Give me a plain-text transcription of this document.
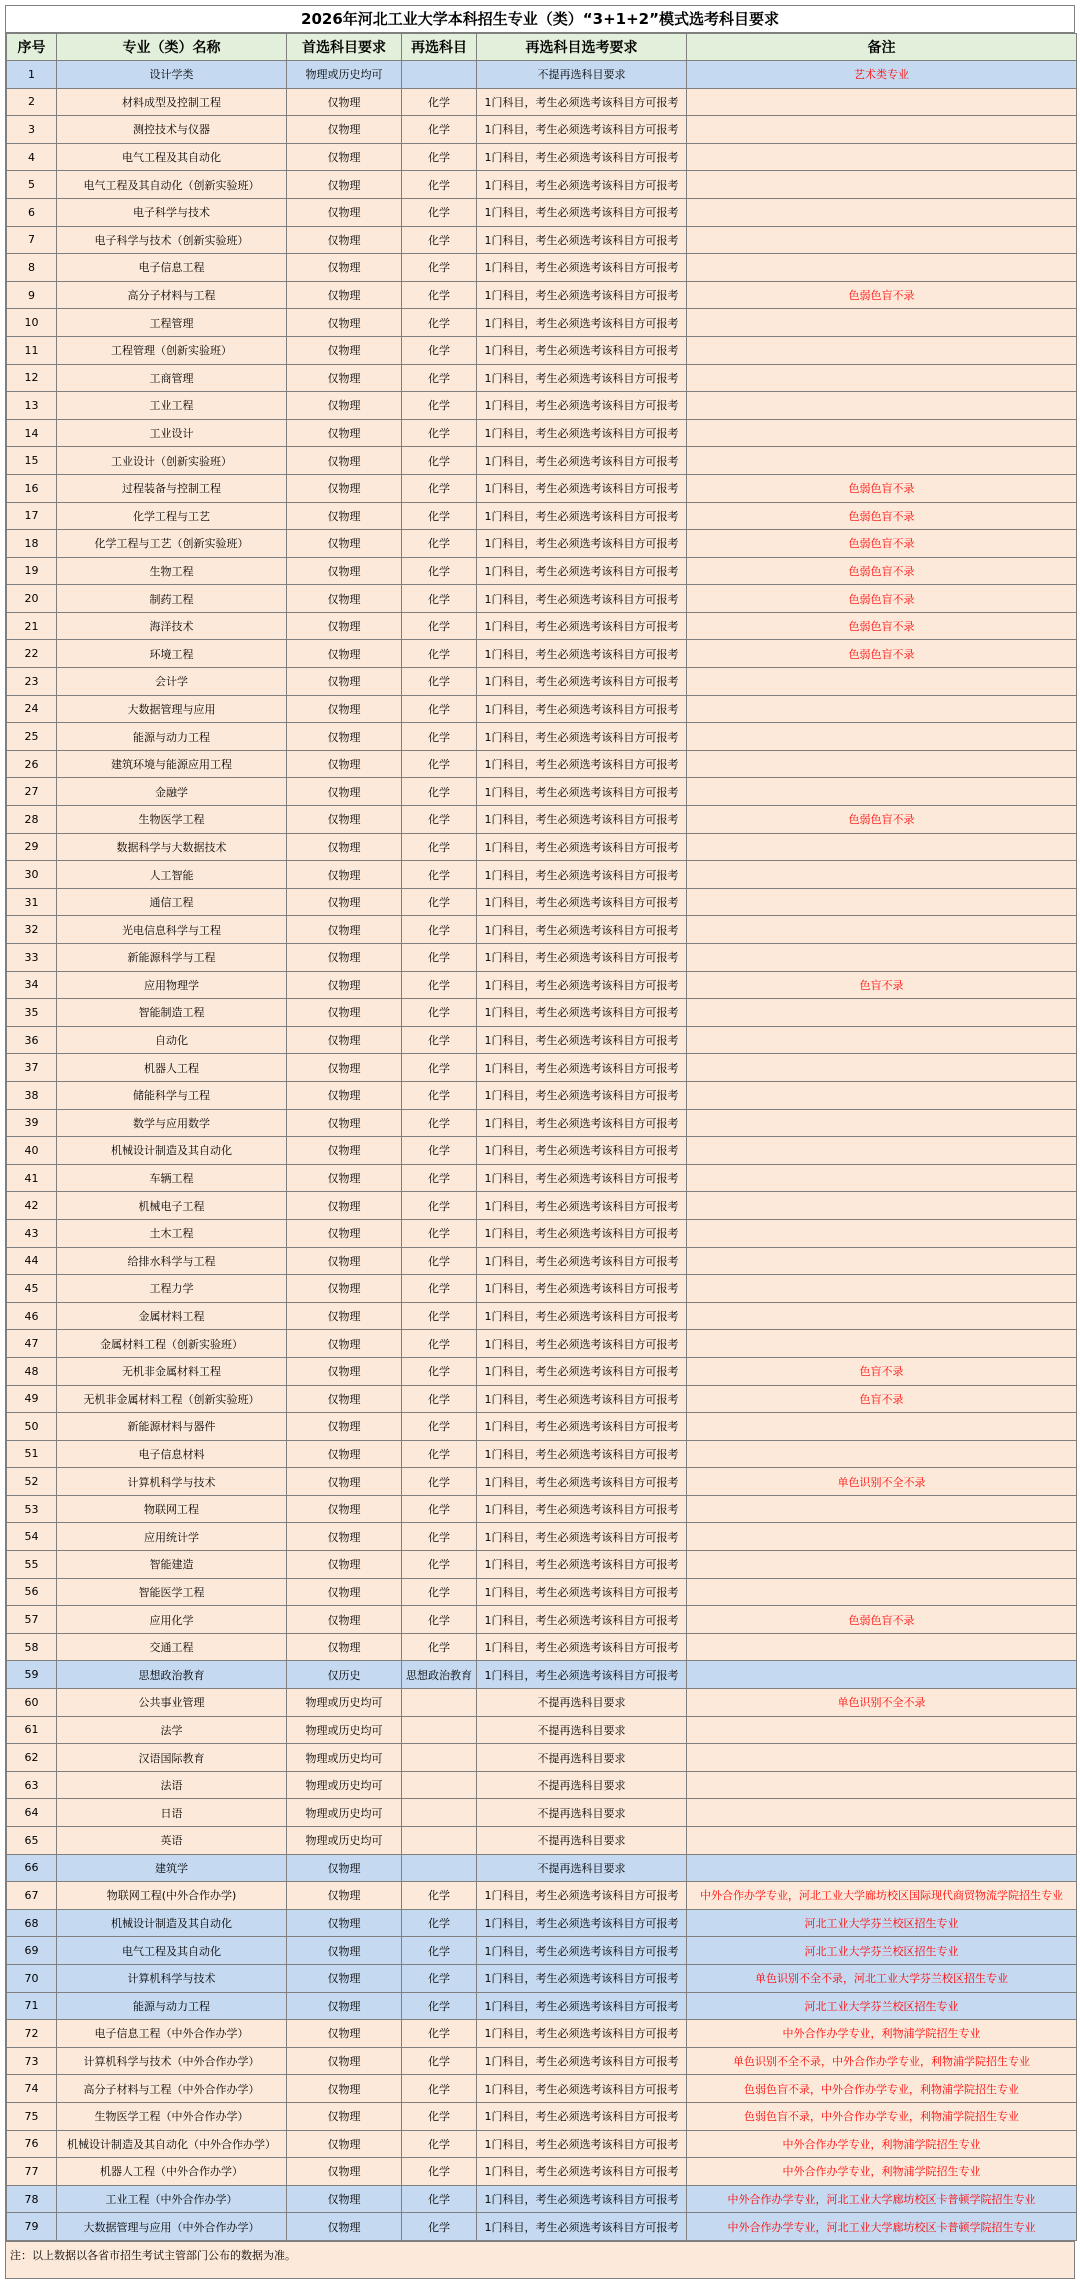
2026年河北工业大学本科招生专业（类）“3+1+2”模式选考科目要求
序号	专业（类）名称	首选科目要求	再选科目	再选科目选考要求	备注
1	设计学类	物理或历史均可		不提再选科目要求	艺术类专业
2	材料成型及控制工程	仅物理	化学	1门科目，考生必须选考该科目方可报考	
3	测控技术与仪器	仅物理	化学	1门科目，考生必须选考该科目方可报考	
4	电气工程及其自动化	仅物理	化学	1门科目，考生必须选考该科目方可报考	
5	电气工程及其自动化（创新实验班）	仅物理	化学	1门科目，考生必须选考该科目方可报考	
6	电子科学与技术	仅物理	化学	1门科目，考生必须选考该科目方可报考	
7	电子科学与技术（创新实验班）	仅物理	化学	1门科目，考生必须选考该科目方可报考	
8	电子信息工程	仅物理	化学	1门科目，考生必须选考该科目方可报考	
9	高分子材料与工程	仅物理	化学	1门科目，考生必须选考该科目方可报考	色弱色盲不录
10	工程管理	仅物理	化学	1门科目，考生必须选考该科目方可报考	
11	工程管理（创新实验班）	仅物理	化学	1门科目，考生必须选考该科目方可报考	
12	工商管理	仅物理	化学	1门科目，考生必须选考该科目方可报考	
13	工业工程	仅物理	化学	1门科目，考生必须选考该科目方可报考	
14	工业设计	仅物理	化学	1门科目，考生必须选考该科目方可报考	
15	工业设计（创新实验班）	仅物理	化学	1门科目，考生必须选考该科目方可报考	
16	过程装备与控制工程	仅物理	化学	1门科目，考生必须选考该科目方可报考	色弱色盲不录
17	化学工程与工艺	仅物理	化学	1门科目，考生必须选考该科目方可报考	色弱色盲不录
18	化学工程与工艺（创新实验班）	仅物理	化学	1门科目，考生必须选考该科目方可报考	色弱色盲不录
19	生物工程	仅物理	化学	1门科目，考生必须选考该科目方可报考	色弱色盲不录
20	制药工程	仅物理	化学	1门科目，考生必须选考该科目方可报考	色弱色盲不录
21	海洋技术	仅物理	化学	1门科目，考生必须选考该科目方可报考	色弱色盲不录
22	环境工程	仅物理	化学	1门科目，考生必须选考该科目方可报考	色弱色盲不录
23	会计学	仅物理	化学	1门科目，考生必须选考该科目方可报考	
24	大数据管理与应用	仅物理	化学	1门科目，考生必须选考该科目方可报考	
25	能源与动力工程	仅物理	化学	1门科目，考生必须选考该科目方可报考	
26	建筑环境与能源应用工程	仅物理	化学	1门科目，考生必须选考该科目方可报考	
27	金融学	仅物理	化学	1门科目，考生必须选考该科目方可报考	
28	生物医学工程	仅物理	化学	1门科目，考生必须选考该科目方可报考	色弱色盲不录
29	数据科学与大数据技术	仅物理	化学	1门科目，考生必须选考该科目方可报考	
30	人工智能	仅物理	化学	1门科目，考生必须选考该科目方可报考	
31	通信工程	仅物理	化学	1门科目，考生必须选考该科目方可报考	
32	光电信息科学与工程	仅物理	化学	1门科目，考生必须选考该科目方可报考	
33	新能源科学与工程	仅物理	化学	1门科目，考生必须选考该科目方可报考	
34	应用物理学	仅物理	化学	1门科目，考生必须选考该科目方可报考	色盲不录
35	智能制造工程	仅物理	化学	1门科目，考生必须选考该科目方可报考	
36	自动化	仅物理	化学	1门科目，考生必须选考该科目方可报考	
37	机器人工程	仅物理	化学	1门科目，考生必须选考该科目方可报考	
38	储能科学与工程	仅物理	化学	1门科目，考生必须选考该科目方可报考	
39	数学与应用数学	仅物理	化学	1门科目，考生必须选考该科目方可报考	
40	机械设计制造及其自动化	仅物理	化学	1门科目，考生必须选考该科目方可报考	
41	车辆工程	仅物理	化学	1门科目，考生必须选考该科目方可报考	
42	机械电子工程	仅物理	化学	1门科目，考生必须选考该科目方可报考	
43	土木工程	仅物理	化学	1门科目，考生必须选考该科目方可报考	
44	给排水科学与工程	仅物理	化学	1门科目，考生必须选考该科目方可报考	
45	工程力学	仅物理	化学	1门科目，考生必须选考该科目方可报考	
46	金属材料工程	仅物理	化学	1门科目，考生必须选考该科目方可报考	
47	金属材料工程（创新实验班）	仅物理	化学	1门科目，考生必须选考该科目方可报考	
48	无机非金属材料工程	仅物理	化学	1门科目，考生必须选考该科目方可报考	色盲不录
49	无机非金属材料工程（创新实验班）	仅物理	化学	1门科目，考生必须选考该科目方可报考	色盲不录
50	新能源材料与器件	仅物理	化学	1门科目，考生必须选考该科目方可报考	
51	电子信息材料	仅物理	化学	1门科目，考生必须选考该科目方可报考	
52	计算机科学与技术	仅物理	化学	1门科目，考生必须选考该科目方可报考	单色识别不全不录
53	物联网工程	仅物理	化学	1门科目，考生必须选考该科目方可报考	
54	应用统计学	仅物理	化学	1门科目，考生必须选考该科目方可报考	
55	智能建造	仅物理	化学	1门科目，考生必须选考该科目方可报考	
56	智能医学工程	仅物理	化学	1门科目，考生必须选考该科目方可报考	
57	应用化学	仅物理	化学	1门科目，考生必须选考该科目方可报考	色弱色盲不录
58	交通工程	仅物理	化学	1门科目，考生必须选考该科目方可报考	
59	思想政治教育	仅历史	思想政治教育	1门科目，考生必须选考该科目方可报考	
60	公共事业管理	物理或历史均可		不提再选科目要求	单色识别不全不录
61	法学	物理或历史均可		不提再选科目要求	
62	汉语国际教育	物理或历史均可		不提再选科目要求	
63	法语	物理或历史均可		不提再选科目要求	
64	日语	物理或历史均可		不提再选科目要求	
65	英语	物理或历史均可		不提再选科目要求	
66	建筑学	仅物理		不提再选科目要求	
67	物联网工程(中外合作办学)	仅物理	化学	1门科目，考生必须选考该科目方可报考	中外合作办学专业，河北工业大学廊坊校区国际现代商贸物流学院招生专业
68	机械设计制造及其自动化	仅物理	化学	1门科目，考生必须选考该科目方可报考	河北工业大学芬兰校区招生专业
69	电气工程及其自动化	仅物理	化学	1门科目，考生必须选考该科目方可报考	河北工业大学芬兰校区招生专业
70	计算机科学与技术	仅物理	化学	1门科目，考生必须选考该科目方可报考	单色识别不全不录，河北工业大学芬兰校区招生专业
71	能源与动力工程	仅物理	化学	1门科目，考生必须选考该科目方可报考	河北工业大学芬兰校区招生专业
72	电子信息工程（中外合作办学）	仅物理	化学	1门科目，考生必须选考该科目方可报考	中外合作办学专业，利物浦学院招生专业
73	计算机科学与技术（中外合作办学）	仅物理	化学	1门科目，考生必须选考该科目方可报考	单色识别不全不录，中外合作办学专业，利物浦学院招生专业
74	高分子材料与工程（中外合作办学）	仅物理	化学	1门科目，考生必须选考该科目方可报考	色弱色盲不录，中外合作办学专业，利物浦学院招生专业
75	生物医学工程（中外合作办学）	仅物理	化学	1门科目，考生必须选考该科目方可报考	色弱色盲不录，中外合作办学专业，利物浦学院招生专业
76	机械设计制造及其自动化（中外合作办学）	仅物理	化学	1门科目，考生必须选考该科目方可报考	中外合作办学专业，利物浦学院招生专业
77	机器人工程（中外合作办学）	仅物理	化学	1门科目，考生必须选考该科目方可报考	中外合作办学专业，利物浦学院招生专业
78	工业工程（中外合作办学）	仅物理	化学	1门科目，考生必须选考该科目方可报考	中外合作办学专业，河北工业大学廊坊校区卡普顿学院招生专业
79	大数据管理与应用（中外合作办学）	仅物理	化学	1门科目，考生必须选考该科目方可报考	中外合作办学专业，河北工业大学廊坊校区卡普顿学院招生专业
注：以上数据以各省市招生考试主管部门公布的数据为准。
